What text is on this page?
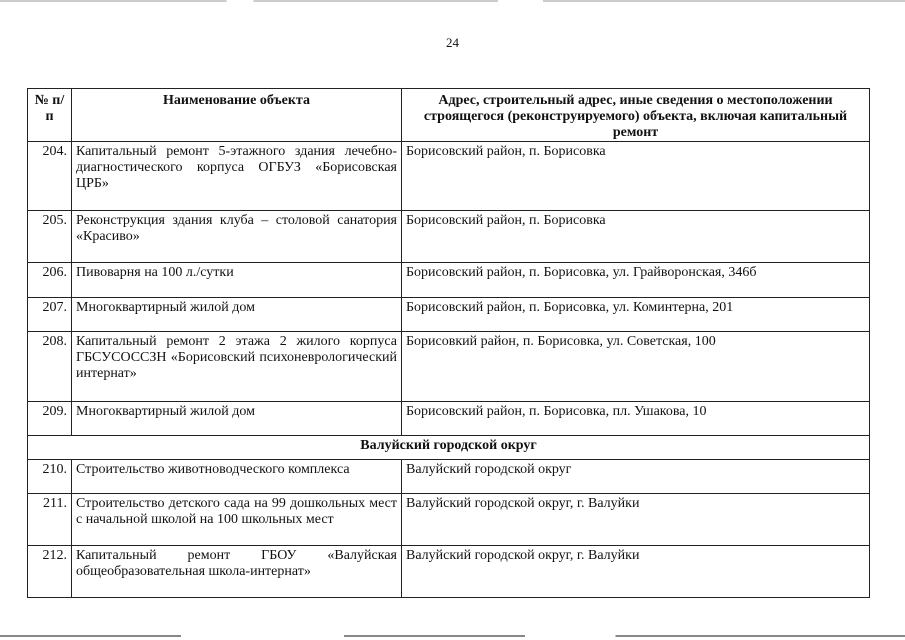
24
№ п/п	Наименование объекта	Адрес, строительный адрес, иные сведения о местоположении строящегося (реконструируемого) объекта, включая капитальный ремонт
204.	Капитальный ремонт 5-этажного здания лечебно-диагностического корпуса ОГБУЗ «Борисовская ЦРБ»	Борисовский район, п. Борисовка
205.	Реконструкция здания клуба – столовой санатория «Красиво»	Борисовский район, п. Борисовка
206.	Пивоварня на 100 л./сутки	Борисовский район, п. Борисовка, ул. Грайворонская, 346б
207.	Многоквартирный жилой дом	Борисовский район, п. Борисовка, ул. Коминтерна, 201
208.	Капитальный ремонт 2 этажа 2 жилого корпуса ГБСУСОССЗН «Борисовский психоневрологический интернат»	Борисовкий район, п. Борисовка, ул. Советская, 100
209.	Многоквартирный жилой дом	Борисовский район, п. Борисовка, пл. Ушакова, 10
Валуйский городской округ		
210.	Строительство животноводческого комплекса	Валуйский городской округ
211.	Строительство детского сада на 99 дошкольных мест с начальной школой на 100 школьных мест	Валуйский городской округ, г. Валуйки
212.	Капитальный ремонт ГБОУ «Валуйская общеобразовательная школа-интернат»	Валуйский городской округ, г. Валуйки
